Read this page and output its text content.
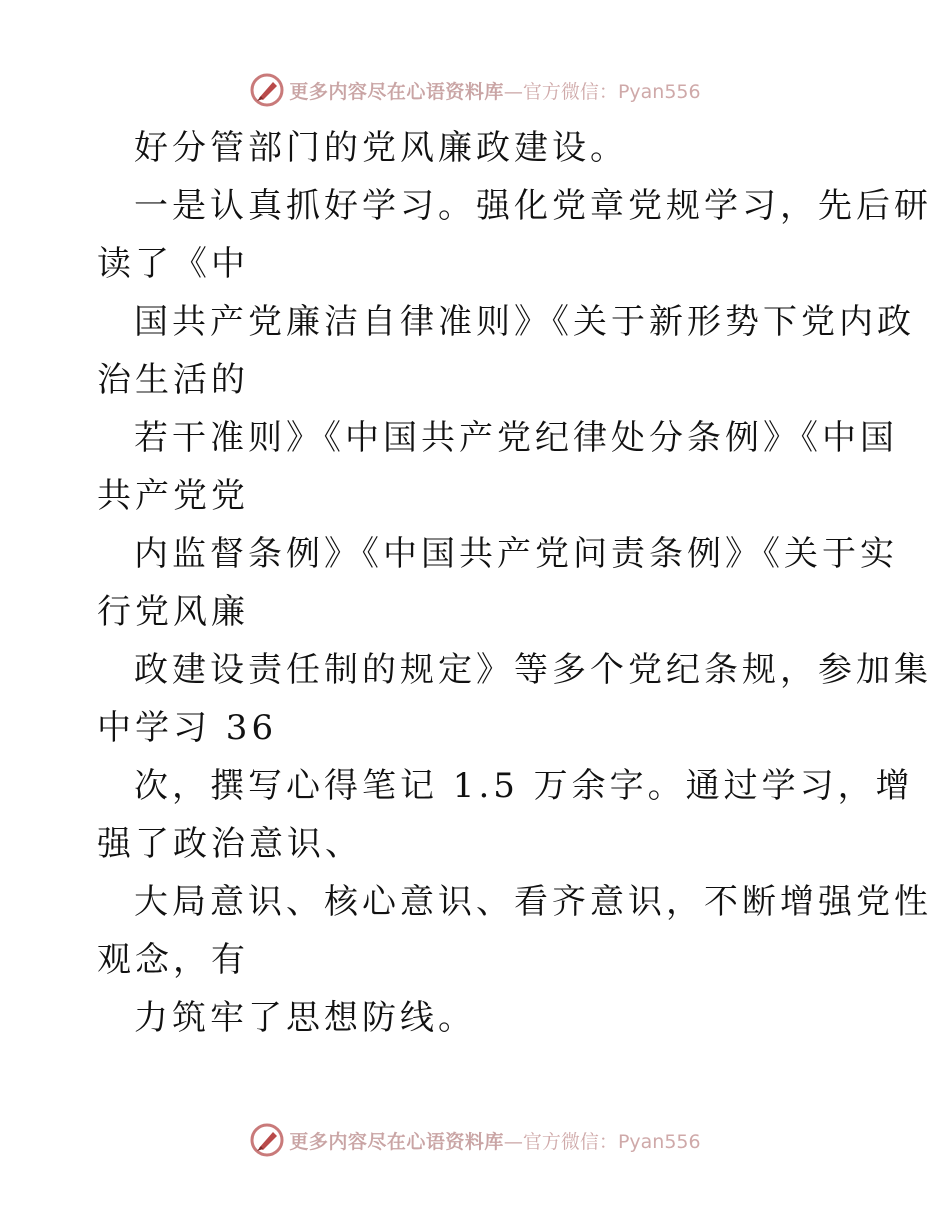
更多内容尽在心语资料库—官方微信：Pyan556
好分管部门的党风廉政建设。
一是认真抓好学习。强化党章党规学习，先后研
读了《中
国共产党廉洁自律准则》《关于新形势下党内政
治生活的
若干准则》《中国共产党纪律处分条例》《中国
共产党党
内监督条例》《中国共产党问责条例》《关于实
行党风廉
政建设责任制的规定》等多个党纪条规，参加集
中学习 36
次，撰写心得笔记 1.5 万余字。通过学习，增
强了政治意识、
大局意识、核心意识、看齐意识，不断增强党性
观念，有
力筑牢了思想防线。
更多内容尽在心语资料库—官方微信：Pyan556
